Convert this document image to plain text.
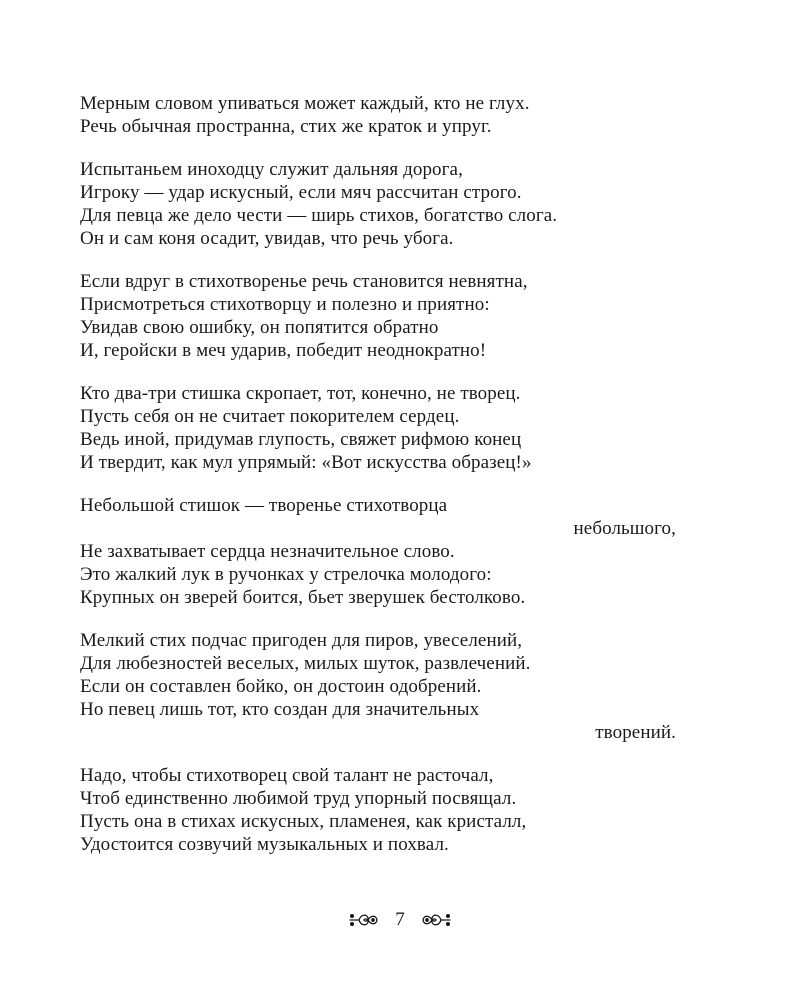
Мерным словом упиваться может каждый, кто не глух.
Речь обычная пространна, стих же краток и упруг.
Испытаньем иноходцу служит дальняя дорога,
Игроку — удар искусный, если мяч рассчитан строго.
Для певца же дело чести — ширь стихов, богатство слога.
Он и сам коня осадит, увидав, что речь убога.
Если вдруг в стихотворенье речь становится невнятна,
Присмотреться стихотворцу и полезно и приятно:
Увидав свою ошибку, он попятится обратно
И, геройски в меч ударив, победит неоднократно!
Кто два-три стишка скропает, тот, конечно, не творец.
Пусть себя он не считает покорителем сердец.
Ведь иной, придумав глупость, свяжет рифмою конец
И твердит, как мул упрямый: «Вот искусства образец!»
Небольшой стишок — творенье стихотворца
небольшого,
Не захватывает сердца незначительное слово.
Это жалкий лук в ручонках у стрелочка молодого:
Крупных он зверей боится, бьет зверушек бестолково.
Мелкий стих подчас пригоден для пиров, увеселений,
Для любезностей веселых, милых шуток, развлечений.
Если он составлен бойко, он достоин одобрений.
Но певец лишь тот, кто создан для значительных
творений.
Надо, чтобы стихотворец свой талант не расточал,
Чтоб единственно любимой труд упорный посвящал.
Пусть она в стихах искусных, пламенея, как кристалл,
Удостоится созвучий музыкальных и похвал.
7
